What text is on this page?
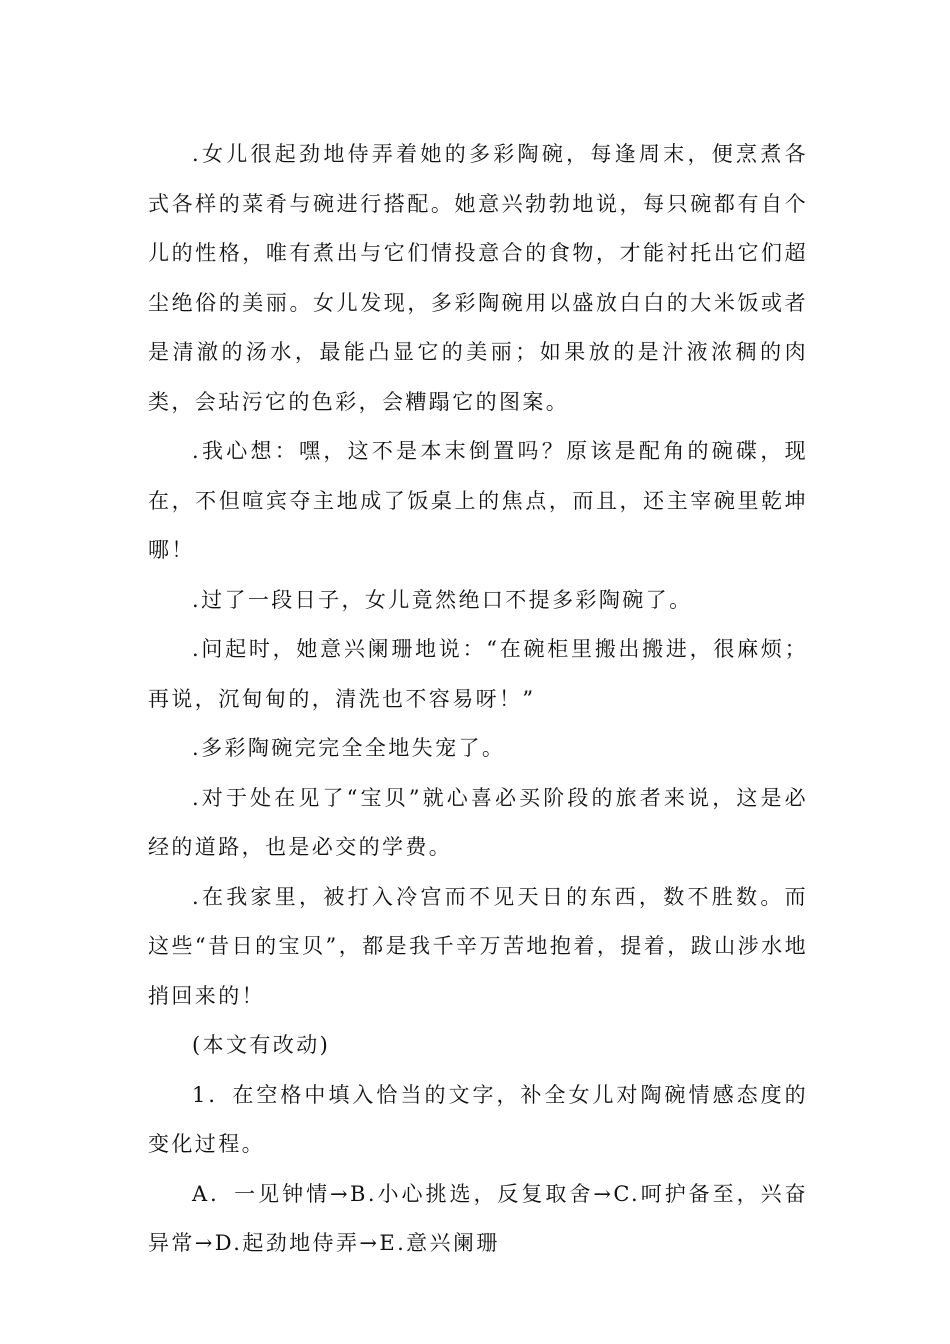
.女儿很起劲地侍弄着她的多彩陶碗，每逢周末，便烹煮各式各样的菜肴与碗进行搭配。她意兴勃勃地说，每只碗都有自个儿的性格，唯有煮出与它们情投意合的食物，才能衬托出它们超尘绝俗的美丽。女儿发现，多彩陶碗用以盛放白白的大米饭或者是清澈的汤水，最能凸显它的美丽；如果放的是汁液浓稠的肉类，会玷污它的色彩，会糟蹋它的图案。

.我心想：嘿，这不是本末倒置吗？原该是配角的碗碟，现在，不但喧宾夺主地成了饭桌上的焦点，而且，还主宰碗里乾坤哪！

.过了一段日子，女儿竟然绝口不提多彩陶碗了。

.问起时，她意兴阑珊地说：“在碗柜里搬出搬进，很麻烦；再说，沉甸甸的，清洗也不容易呀！”

.多彩陶碗完完全全地失宠了。

.对于处在见了“宝贝”就心喜必买阶段的旅者来说，这是必经的道路，也是必交的学费。

.在我家里，被打入冷宫而不见天日的东西，数不胜数。而这些“昔日的宝贝”，都是我千辛万苦地抱着，提着，跋山涉水地捎回来的！

(本文有改动)

1．在空格中填入恰当的文字，补全女儿对陶碗情感态度的变化过程。

A．一见钟情→B.小心挑选，反复取舍→C.呵护备至，兴奋异常→D.起劲地侍弄→E.意兴阑珊
